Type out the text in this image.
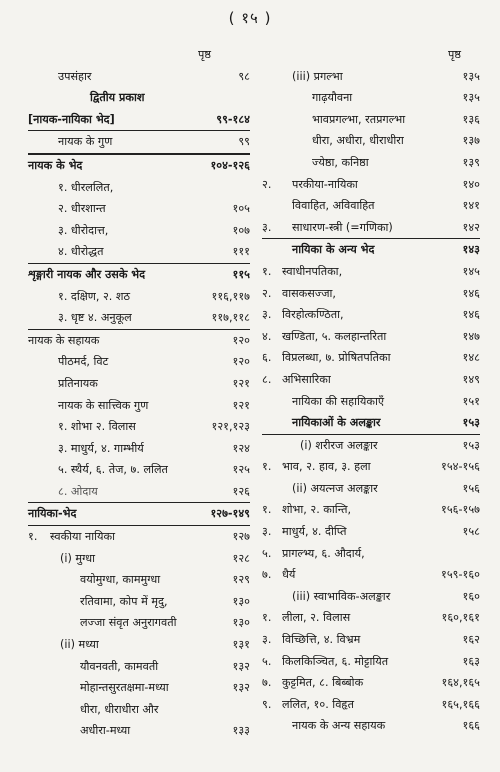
( १५ )
पृष्ठ
उपसंहार	९८
द्वितीय प्रकाश
[नायक-नायिका भेद]	९९-१८४
नायक के गुण	९९
नायक के भेद	१०४-१२६
१. धीरललित,
२. धीरशान्त	१०५
३. धीरोदात्त,	१०७
४. धीरोद्धत	१११
शृङ्गारी नायक और उसके भेद	११५
१. दक्षिण, २. शठ	११६,११७
३. धृष्ट ४. अनुकूल	११७,११८
नायक के सहायक	१२०
पीठमर्द, विट	१२०
प्रतिनायक	१२१
नायक के सात्त्विक गुण	१२१
१. शोभा २. विलास	१२१,१२३
३. माधुर्य, ४. गाम्भीर्य	१२४
५. स्थैर्य, ६. तेज, ७. ललित	१२५
८. ओदाय	१२६
नायिका-भेद	१२७-१४९
१. स्वकीया नायिका	१२७
(i) मुग्धा	१२८
वयोमुग्धा, काममुग्धा	१२९
रतिवामा, कोप में मृदु,	१३०
लज्जा संवृत अनुरागवती	१३०
(ii) मध्या	१३१
यौवनवती, कामवती	१३२
मोहान्तसुरतक्षमा-मध्या	१३२
धीरा, धीराधीरा और
अधीरा-मध्या	१३३
पृष्ठ
(iii) प्रगल्भा	१३५
गाढ़यौवना	१३५
भावप्रगल्भा, रतप्रगल्भा	१३६
धीरा, अधीरा, धीराधीरा	१३७
ज्येष्ठा, कनिष्ठा	१३९
२. परकीया-नायिका	१४०
विवाहित, अविवाहित	१४१
३. साधारण-स्त्री (=गणिका)	१४२
नायिका के अन्य भेद	१४३
१. स्वाधीनपतिका,	१४५
२. वासकसज्जा,	१४६
३. विरहोत्कण्ठिता,	१४६
४. खण्डिता, ५. कलहान्तरिता	१४७
६. विप्रलब्धा, ७. प्रोषितपतिका	१४८
८. अभिसारिका	१४९
नायिका की सहायिकाएँ	१५१
नायिकाओं के अलङ्कार	१५३
(i) शरीरज अलङ्कार	१५३
१. भाव, २. हाव, ३. हला	१५४-१५६
(ii) अयत्नज अलङ्कार	१५६
१. शोभा, २. कान्ति,	१५६-१५७
३. माधुर्य, ४. दीप्ति	१५८
५. प्रागल्भ्य, ६. औदार्य,
७. धैर्य	१५९-१६०
(iii) स्वाभाविक-अलङ्कार	१६०
१. लीला, २. विलास	१६०,१६१
३. विच्छित्ति, ४. विभ्रम	१६२
५. किलकिञ्चित, ६. मोट्टायित	१६३
७. कुट्टमित, ८. बिब्बोक	१६४,१६५
९. ललित, १०. विहृत	१६५,१६६
नायक के अन्य सहायक	१६६
